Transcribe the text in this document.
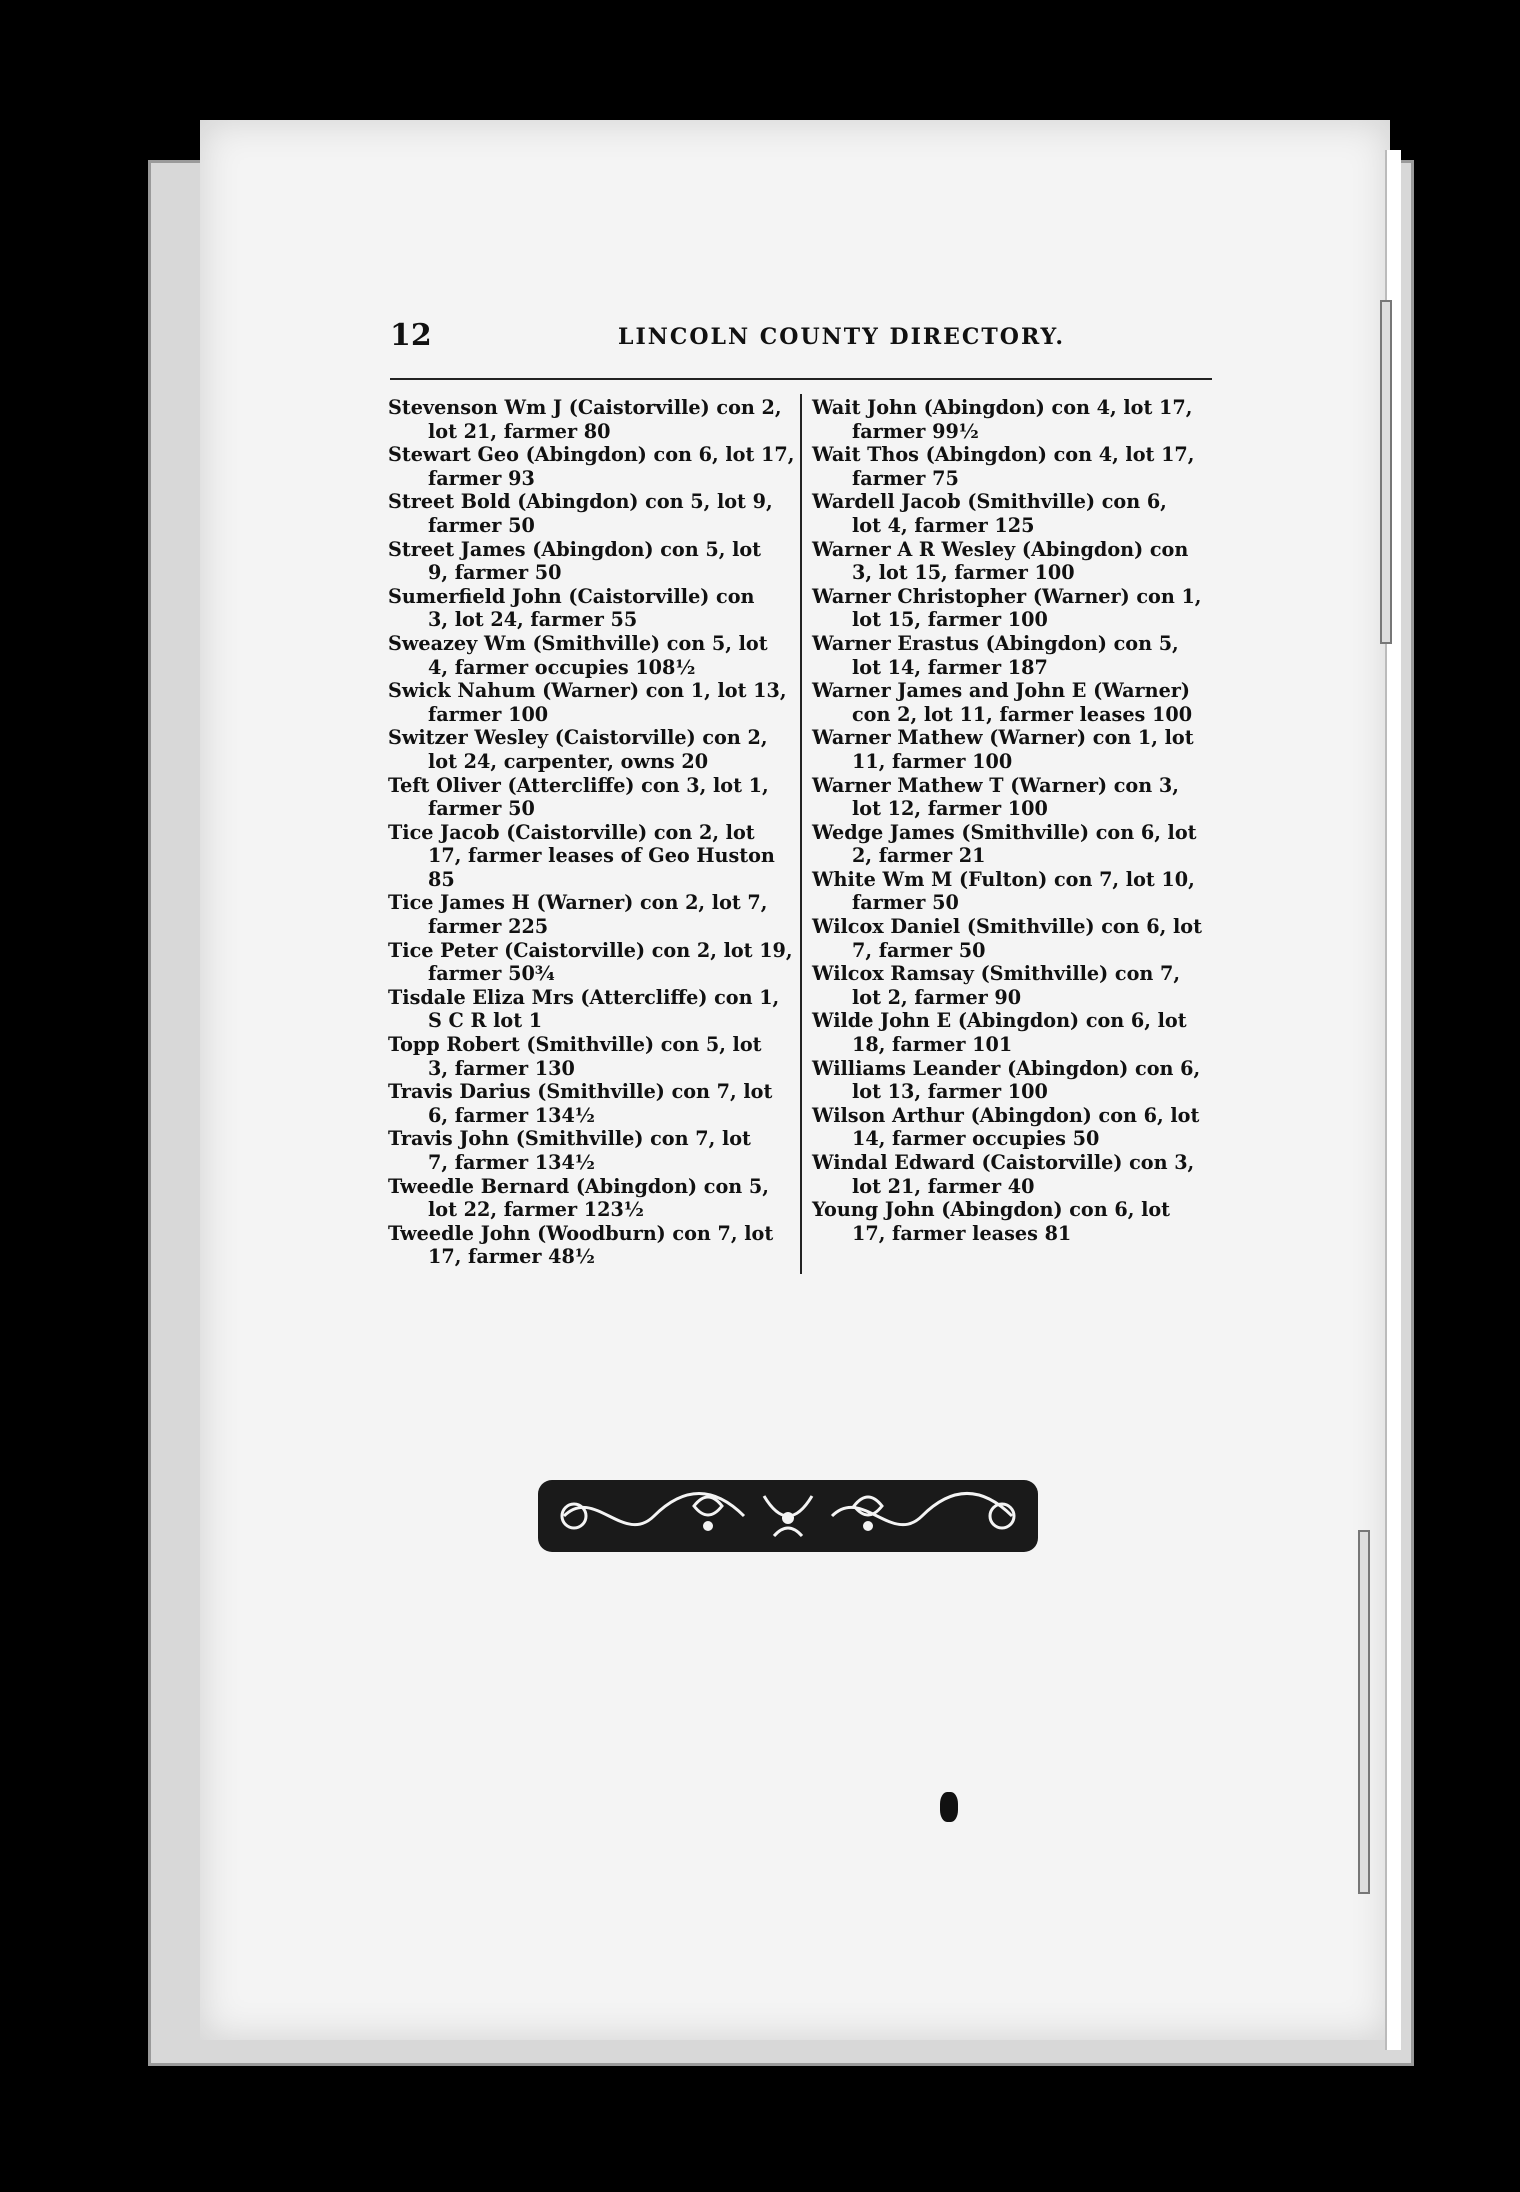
12	LINCOLN COUNTY DIRECTORY.
Stevenson Wm J (Caistorville) con 2,
lot 21, farmer 80
Stewart Geo (Abingdon) con 6, lot 17,
farmer 93
Street Bold (Abingdon) con 5, lot 9,
farmer 50
Street James (Abingdon) con 5, lot
9, farmer 50
Sumerfield John (Caistorville) con
3, lot 24, farmer 55
Sweazey Wm (Smithville) con 5, lot
4, farmer occupies 108½
Swick Nahum (Warner) con 1, lot 13,
farmer 100
Switzer Wesley (Caistorville) con 2,
lot 24, carpenter, owns 20
Teft Oliver (Attercliffe) con 3, lot 1,
farmer 50
Tice Jacob (Caistorville) con 2, lot
17, farmer leases of Geo Huston
85
Tice James H (Warner) con 2, lot 7,
farmer 225
Tice Peter (Caistorville) con 2, lot 19,
farmer 50¾
Tisdale Eliza Mrs (Attercliffe) con 1,
S C R lot 1
Topp Robert (Smithville) con 5, lot
3, farmer 130
Travis Darius (Smithville) con 7, lot
6, farmer 134½
Travis John (Smithville) con 7, lot
7, farmer 134½
Tweedle Bernard (Abingdon) con 5,
lot 22, farmer 123½
Tweedle John (Woodburn) con 7, lot
17, farmer 48½
Wait John (Abingdon) con 4, lot 17,
farmer 99½
Wait Thos (Abingdon) con 4, lot 17,
farmer 75
Wardell Jacob (Smithville) con 6,
lot 4, farmer 125
Warner A R Wesley (Abingdon) con
3, lot 15, farmer 100
Warner Christopher (Warner) con 1,
lot 15, farmer 100
Warner Erastus (Abingdon) con 5,
lot 14, farmer 187
Warner James and John E (Warner)
con 2, lot 11, farmer leases 100
Warner Mathew (Warner) con 1, lot
11, farmer 100
Warner Mathew T (Warner) con 3,
lot 12, farmer 100
Wedge James (Smithville) con 6, lot
2, farmer 21
White Wm M (Fulton) con 7, lot 10,
farmer 50
Wilcox Daniel (Smithville) con 6, lot
7, farmer 50
Wilcox Ramsay (Smithville) con 7,
lot 2, farmer 90
Wilde John E (Abingdon) con 6, lot
18, farmer 101
Williams Leander (Abingdon) con 6,
lot 13, farmer 100
Wilson Arthur (Abingdon) con 6, lot
14, farmer occupies 50
Windal Edward (Caistorville) con 3,
lot 21, farmer 40
Young John (Abingdon) con 6, lot
17, farmer leases 81
